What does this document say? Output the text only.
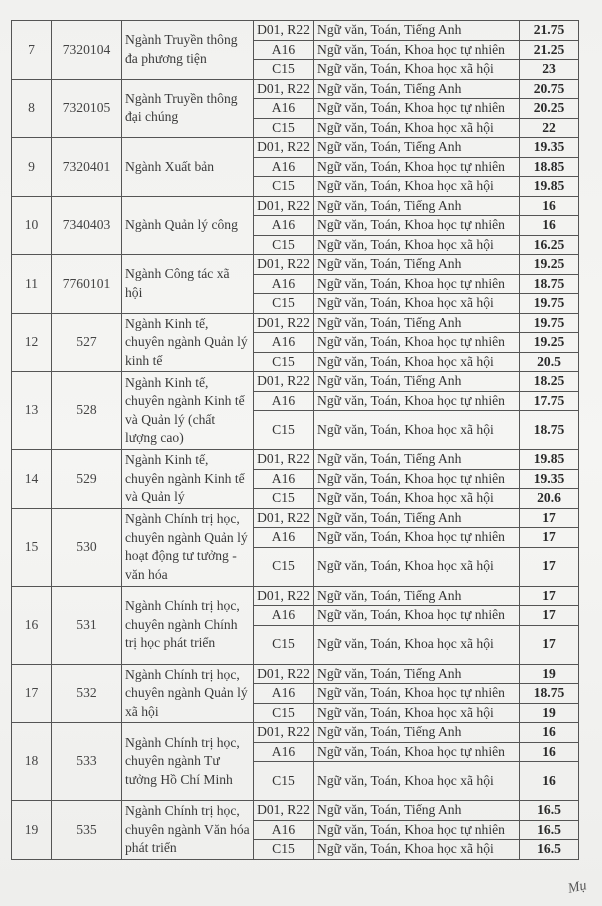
7	7320104	Ngành Truyền thông đa phương tiện	D01, R22	Ngữ văn, Toán, Tiếng Anh	21.75
			A16	Ngữ văn, Toán, Khoa học tự nhiên	21.25
			C15	Ngữ văn, Toán, Khoa học xã hội	23
8	7320105	Ngành Truyền thông đại chúng	D01, R22	Ngữ văn, Toán, Tiếng Anh	20.75
			A16	Ngữ văn, Toán, Khoa học tự nhiên	20.25
			C15	Ngữ văn, Toán, Khoa học xã hội	22
9	7320401	Ngành Xuất bản	D01, R22	Ngữ văn, Toán, Tiếng Anh	19.35
			A16	Ngữ văn, Toán, Khoa học tự nhiên	18.85
			C15	Ngữ văn, Toán, Khoa học xã hội	19.85
10	7340403	Ngành Quản lý công	D01, R22	Ngữ văn, Toán, Tiếng Anh	16
			A16	Ngữ văn, Toán, Khoa học tự nhiên	16
			C15	Ngữ văn, Toán, Khoa học xã hội	16.25
11	7760101	Ngành Công tác xã hội	D01, R22	Ngữ văn, Toán, Tiếng Anh	19.25
			A16	Ngữ văn, Toán, Khoa học tự nhiên	18.75
			C15	Ngữ văn, Toán, Khoa học xã hội	19.75
12	527	Ngành Kinh tế, chuyên ngành Quản lý kinh tế	D01, R22	Ngữ văn, Toán, Tiếng Anh	19.75
			A16	Ngữ văn, Toán, Khoa học tự nhiên	19.25
			C15	Ngữ văn, Toán, Khoa học xã hội	20.5
13	528	Ngành Kinh tế, chuyên ngành Kinh tế và Quản lý (chất lượng cao)	D01, R22	Ngữ văn, Toán, Tiếng Anh	18.25
			A16	Ngữ văn, Toán, Khoa học tự nhiên	17.75
			C15	Ngữ văn, Toán, Khoa học xã hội	18.75
14	529	Ngành Kinh tế, chuyên ngành Kinh tế và Quản lý	D01, R22	Ngữ văn, Toán, Tiếng Anh	19.85
			A16	Ngữ văn, Toán, Khoa học tự nhiên	19.35
			C15	Ngữ văn, Toán, Khoa học xã hội	20.6
15	530	Ngành Chính trị học, chuyên ngành Quản lý hoạt động tư tưởng - văn hóa	D01, R22	Ngữ văn, Toán, Tiếng Anh	17
			A16	Ngữ văn, Toán, Khoa học tự nhiên	17
			C15	Ngữ văn, Toán, Khoa học xã hội	17
16	531	Ngành Chính trị học, chuyên ngành Chính trị học phát triển	D01, R22	Ngữ văn, Toán, Tiếng Anh	17
			A16	Ngữ văn, Toán, Khoa học tự nhiên	17
			C15	Ngữ văn, Toán, Khoa học xã hội	17
17	532	Ngành Chính trị học, chuyên ngành Quản lý xã hội	D01, R22	Ngữ văn, Toán, Tiếng Anh	19
			A16	Ngữ văn, Toán, Khoa học tự nhiên	18.75
			C15	Ngữ văn, Toán, Khoa học xã hội	19
18	533	Ngành Chính trị học, chuyên ngành Tư tưởng Hồ Chí Minh	D01, R22	Ngữ văn, Toán, Tiếng Anh	16
			A16	Ngữ văn, Toán, Khoa học tự nhiên	16
			C15	Ngữ văn, Toán, Khoa học xã hội	16
19	535	Ngành Chính trị học, chuyên ngành Văn hóa phát triển	D01, R22	Ngữ văn, Toán, Tiếng Anh	16.5
			A16	Ngữ văn, Toán, Khoa học tự nhiên	16.5
			C15	Ngữ văn, Toán, Khoa học xã hội	16.5
Mụ
